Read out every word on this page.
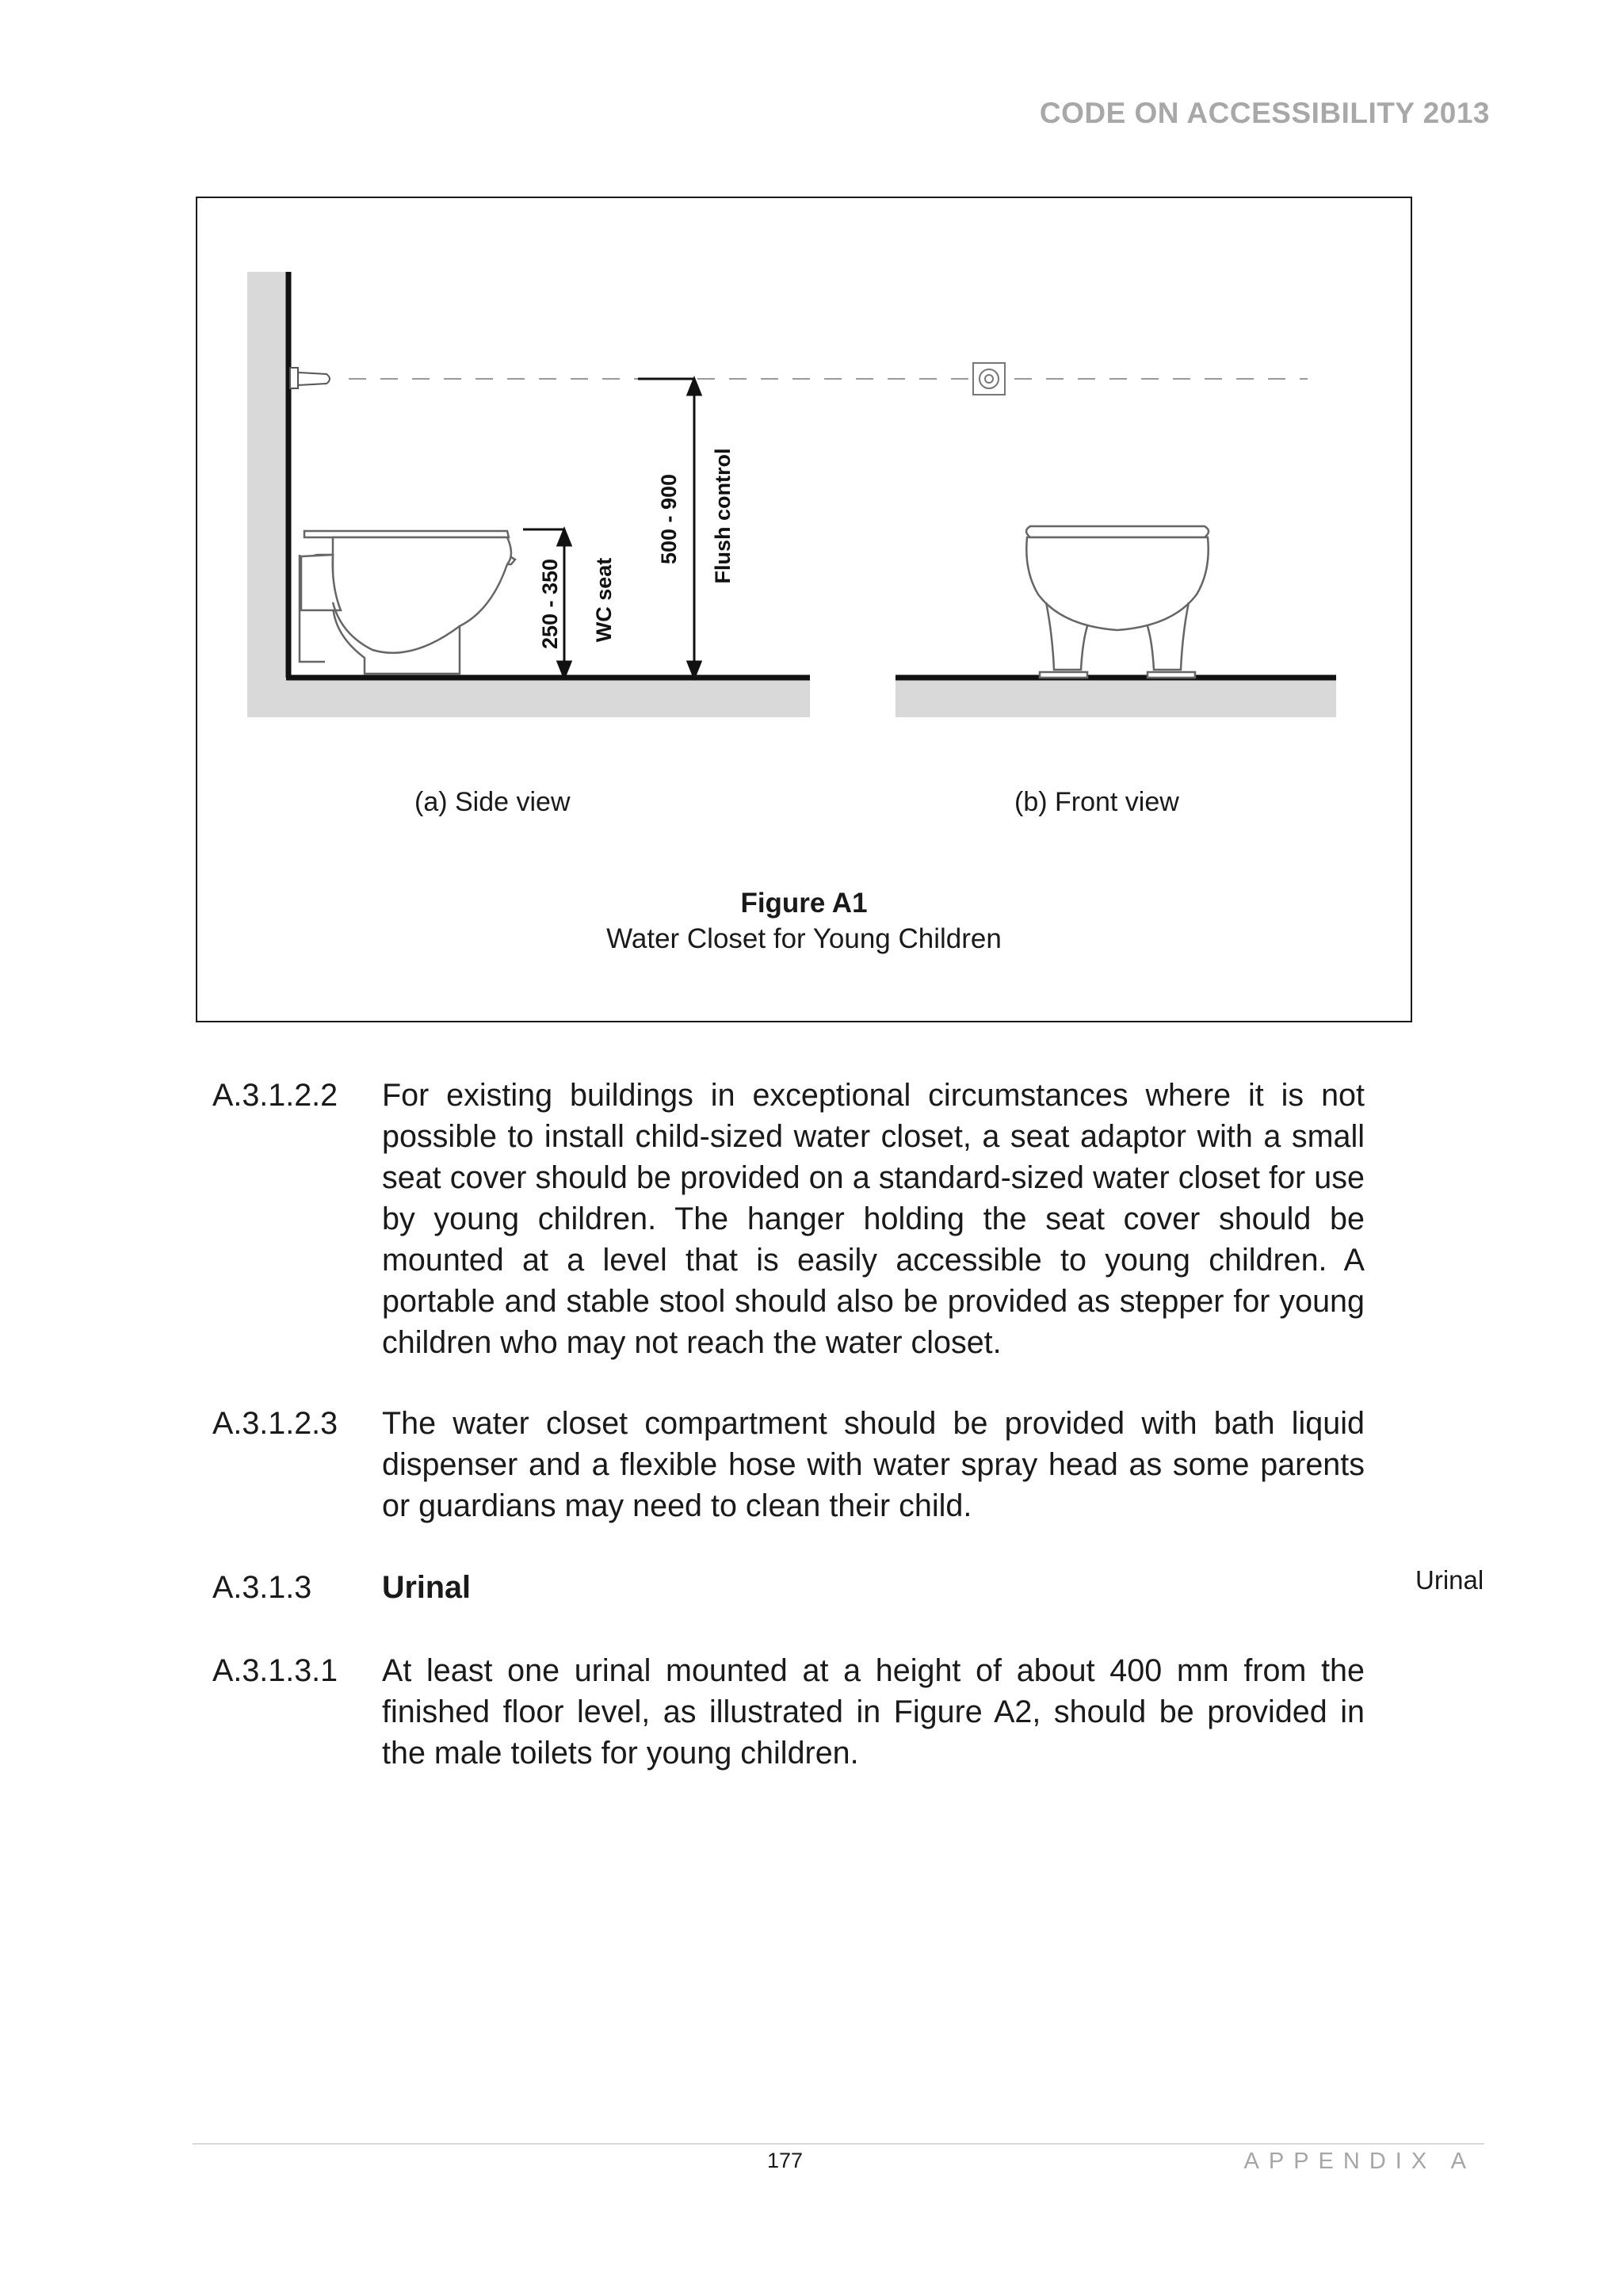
CODE ON ACCESSIBILITY 2013
250 - 350 WC seat
500 - 900 Flush control
(a) Side view	(b) Front view
Figure A1
Water Closet for Young Children
A.3.1.2.2	For existing buildings in exceptional circumstances where it is not possible to install child-sized water closet, a seat adaptor with a small seat cover should be provided on a standard-sized water closet for use by young children. The hanger holding the seat cover should be mounted at a level that is easily accessible to young children. A portable and stable stool should also be provided as stepper for young children who may not reach the water closet.
A.3.1.2.3	The water closet compartment should be provided with bath liquid dispenser and a flexible hose with water spray head as some parents or guardians may need to clean their child.
A.3.1.3	Urinal	Urinal
A.3.1.3.1	At least one urinal mounted at a height of about 400 mm from the finished floor level, as illustrated in Figure A2, should be provided in the male toilets for young children.
177	APPENDIX A
